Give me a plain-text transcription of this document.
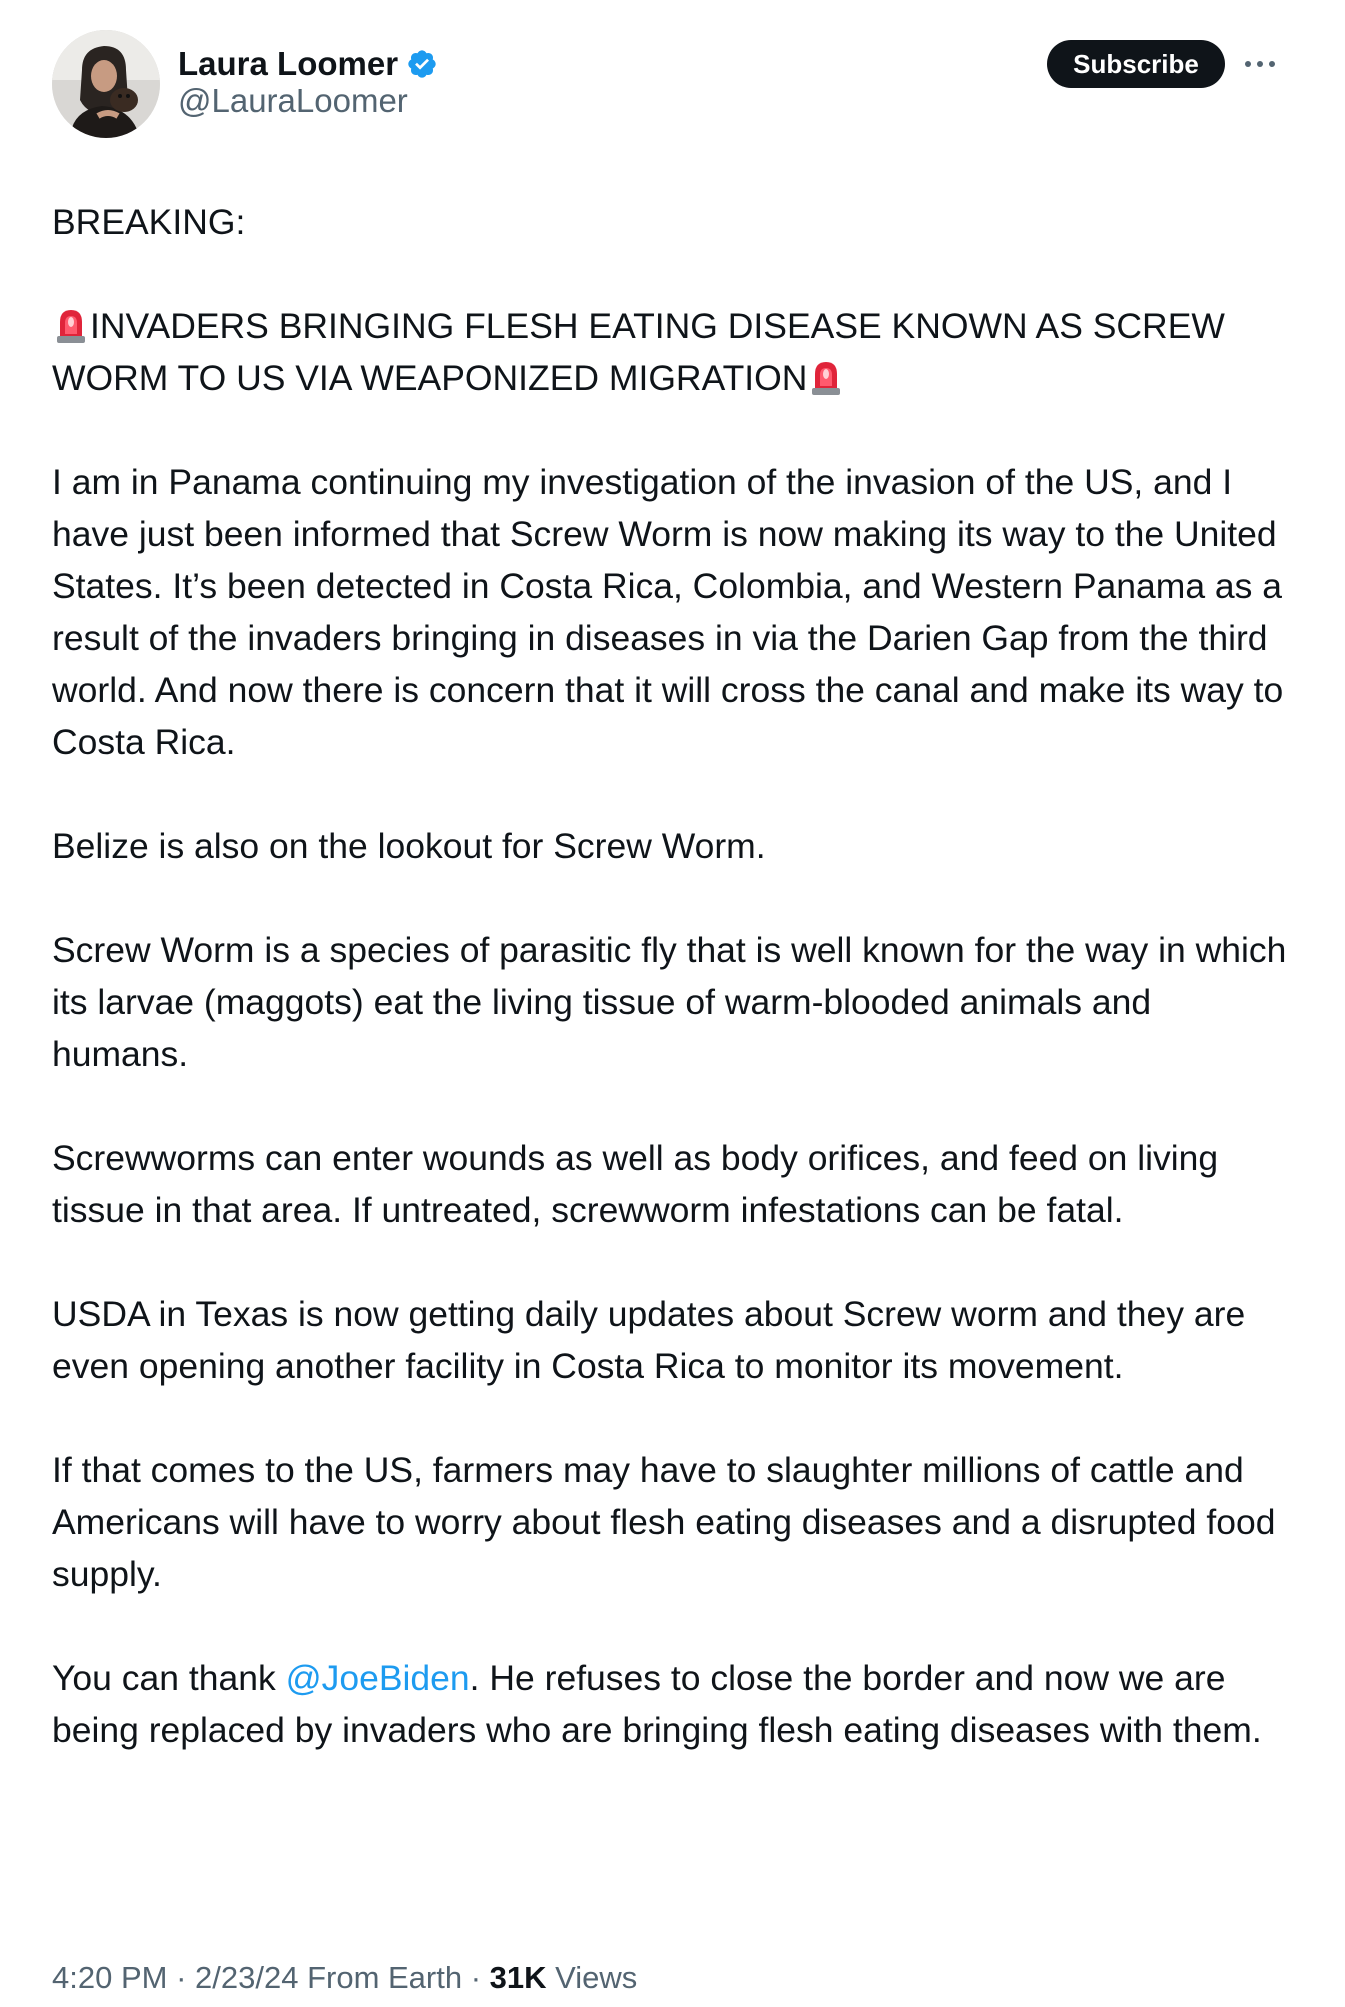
Laura Loomer
@LauraLoomer
Subscribe

BREAKING:

INVADERS BRINGING FLESH EATING DISEASE KNOWN AS SCREW WORM TO US VIA WEAPONIZED MIGRATION

I am in Panama continuing my investigation of the invasion of the US, and I have just been informed that Screw Worm is now making its way to the United States. It’s been detected in Costa Rica, Colombia, and Western Panama as a result of the invaders bringing in diseases in via the Darien Gap from the third world. And now there is concern that it will cross the canal and make its way to Costa Rica.

Belize is also on the lookout for Screw Worm.

Screw Worm is a species of parasitic fly that is well known for the way in which its larvae (maggots) eat the living tissue of warm-blooded animals and humans.

Screwworms can enter wounds as well as body orifices, and feed on living tissue in that area. If untreated, screwworm infestations can be fatal.

USDA in Texas is now getting daily updates about Screw worm and they are even opening another facility in Costa Rica to monitor its movement.

If that comes to the US, farmers may have to slaughter millions of cattle and Americans will have to worry about flesh eating diseases and a disrupted food supply.

You can thank @JoeBiden. He refuses to close the border and now we are being replaced by invaders who are bringing flesh eating diseases with them.

4:20 PM · 2/23/24 From Earth · 31K Views
